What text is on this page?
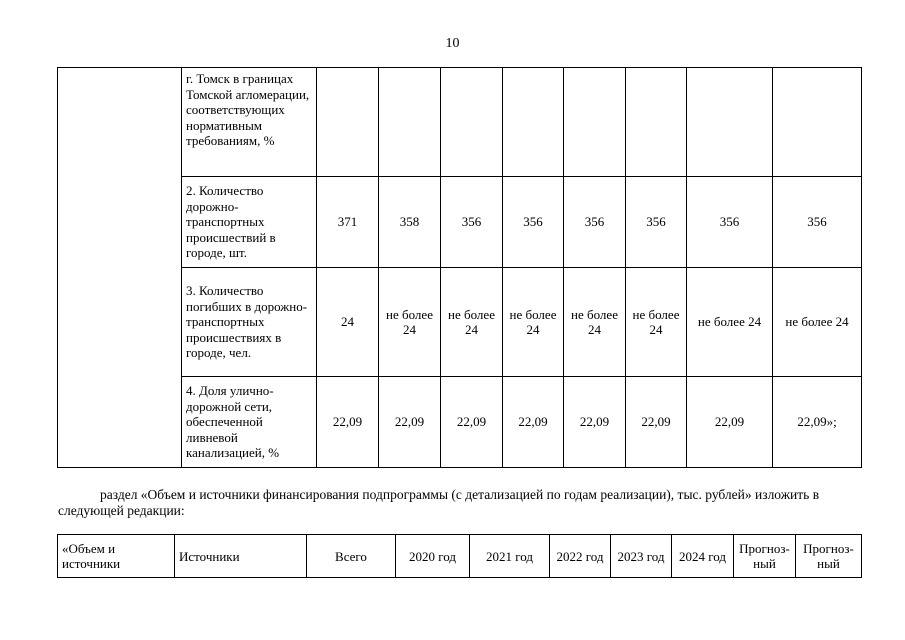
10
	г. Томск в границах Томской агломерации, соответствующих нормативным требованиям, %								
	2. Количество дорожно-транспортных происшествий в городе, шт.	371	358	356	356	356	356	356	356
	3. Количество погибших в дорожно-транспортных происшествиях в городе, чел.	24	не более 24	не более 24	не более 24	не более 24	не более 24	не более 24	не более 24
	4. Доля улично-дорожной сети, обеспеченной ливневой канализацией, %	22,09	22,09	22,09	22,09	22,09	22,09	22,09	22,09»;
раздел «Объем и источники финансирования подпрограммы (с детализацией по годам реализации), тыс. рублей» изложить в следующей редакции:
«Объем и источники	Источники	Всего	2020 год	2021 год	2022 год	2023 год	2024 год	Прогноз-ный	Прогноз-ный
